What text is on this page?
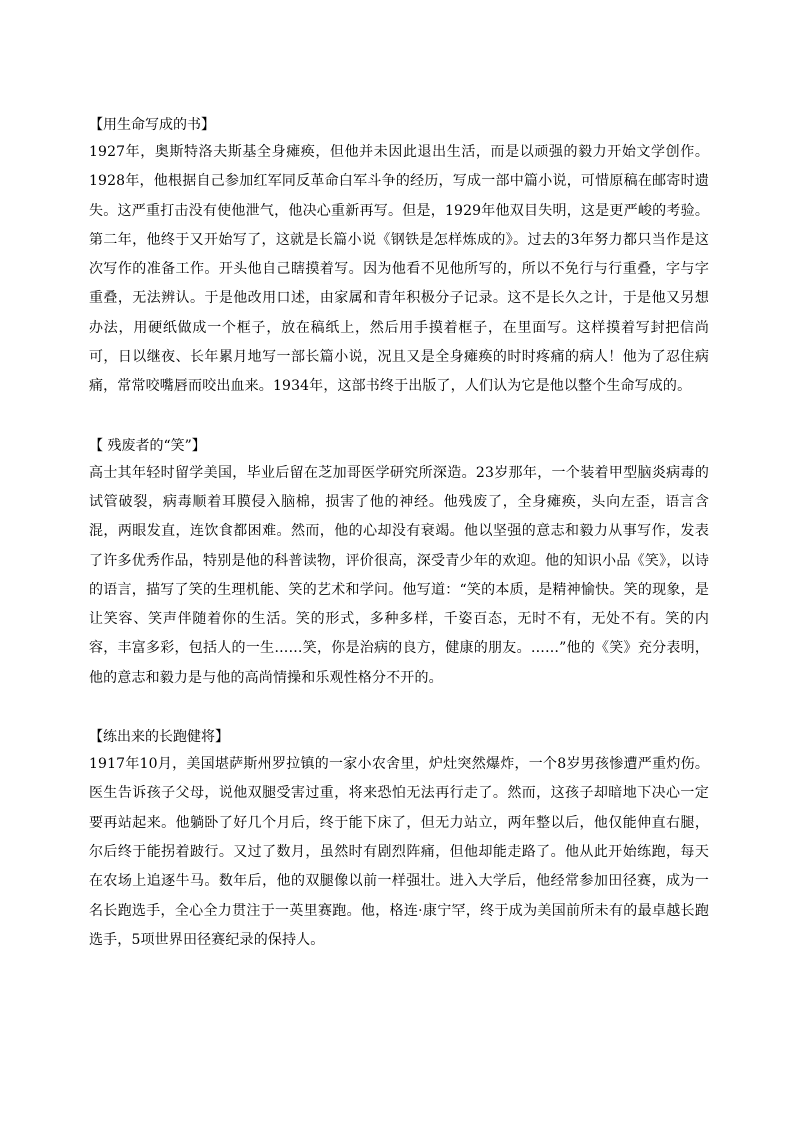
【用生命写成的书】

1927年，奥斯特洛夫斯基全身瘫痪，但他并未因此退出生活，而是以顽强的毅力开始文学创作。1928年，他根据自己参加红军同反革命白军斗争的经历，写成一部中篇小说，可惜原稿在邮寄时遗失。这严重打击没有使他泄气，他决心重新再写。但是，1929年他双目失明，这是更严峻的考验。第二年，他终于又开始写了，这就是长篇小说《钢铁是怎样炼成的》。过去的3年努力都只当作是这次写作的准备工作。开头他自己瞎摸着写。因为他看不见他所写的，所以不免行与行重叠，字与字重叠，无法辨认。于是他改用口述，由家属和青年积极分子记录。这不是长久之计，于是他又另想办法，用硬纸做成一个框子，放在稿纸上，然后用手摸着框子，在里面写。这样摸着写封把信尚可，日以继夜、长年累月地写一部长篇小说，况且又是全身瘫痪的时时疼痛的病人！他为了忍住病痛，常常咬嘴唇而咬出血来。1934年，这部书终于出版了，人们认为它是他以整个生命写成的。

【 残废者的“笑”】

高士其年轻时留学美国，毕业后留在芝加哥医学研究所深造。23岁那年，一个装着甲型脑炎病毒的试管破裂，病毒顺着耳膜侵入脑棉，损害了他的神经。他残废了，全身瘫痪，头向左歪，语言含混，两眼发直，连饮食都困难。然而，他的心却没有衰竭。他以坚强的意志和毅力从事写作，发表了许多优秀作品，特别是他的科普读物，评价很高，深受青少年的欢迎。他的知识小品《笑》，以诗的语言，描写了笑的生理机能、笑的艺术和学问。他写道：“笑的本质，是精神愉快。笑的现象，是让笑容、笑声伴随着你的生活。笑的形式，多种多样，千姿百态，无时不有，无处不有。笑的内容，丰富多彩，包括人的一生……笑，你是治病的良方，健康的朋友。……”他的《笑》充分表明，他的意志和毅力是与他的高尚情操和乐观性格分不开的。

【练出来的长跑健将】

1917年10月，美国堪萨斯州罗拉镇的一家小农舍里，炉灶突然爆炸，一个8岁男孩惨遭严重灼伤。医生告诉孩子父母，说他双腿受害过重，将来恐怕无法再行走了。然而，这孩子却暗地下决心一定要再站起来。他躺卧了好几个月后，终于能下床了，但无力站立，两年整以后，他仅能伸直右腿，尔后终于能拐着跛行。又过了数月，虽然时有剧烈阵痛，但他却能走路了。他从此开始练跑，每天在农场上追逐牛马。数年后，他的双腿像以前一样强壮。进入大学后，他经常参加田径赛，成为一名长跑选手，全心全力贯注于一英里赛跑。他，格连·康宁罕，终于成为美国前所未有的最卓越长跑选手，5项世界田径赛纪录的保持人。
